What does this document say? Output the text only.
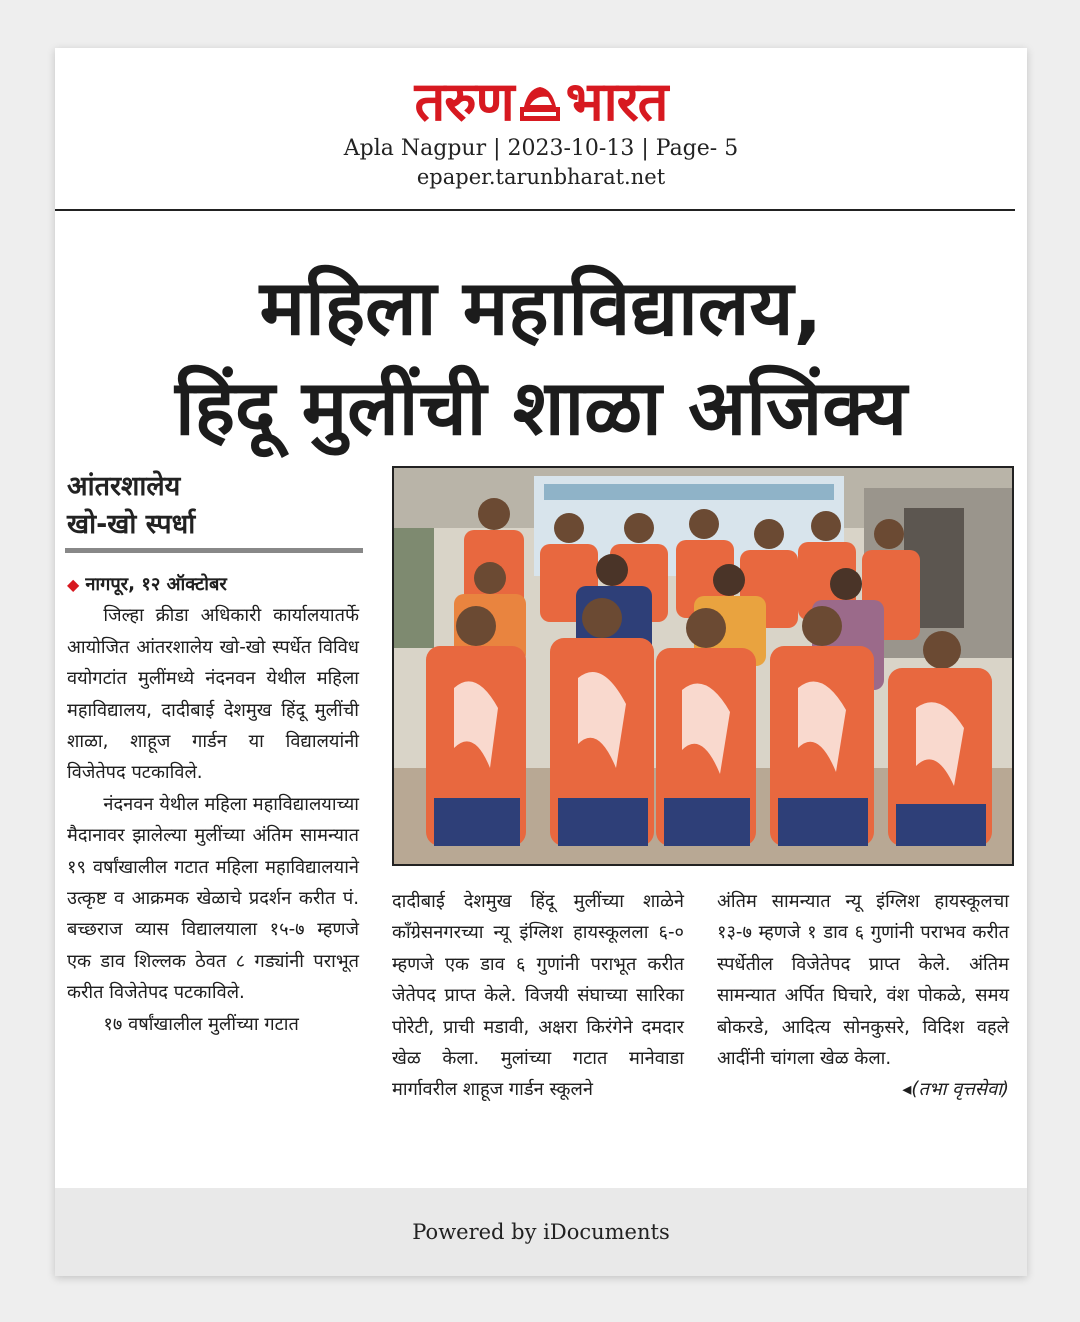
तरुण भारत
Apla Nagpur | 2023-10-13 | Page- 5
epaper.tarunbharat.net
महिला महाविद्यालय,
हिंदू मुलींची शाळा अजिंक्य
आंतरशालेय
खो-खो स्पर्धा

◆ नागपूर, १२ ऑक्टोबर

जिल्हा क्रीडा अधिकारी कार्यालयातर्फे आयोजित आंतरशालेय खो-खो स्पर्धेत विविध वयोगटांत मुलींमध्ये नंदनवन येथील महिला महाविद्यालय, दादीबाई देशमुख हिंदू मुलींची शाळा, शाहूज गार्डन या विद्यालयांनी विजेतेपद पटकाविले.

नंदनवन येथील महिला महाविद्यालयाच्या मैदानावर झालेल्या मुलींच्या अंतिम सामन्यात १९ वर्षांखालील गटात महिला महाविद्यालयाने उत्कृष्ट व आक्रमक खेळाचे प्रदर्शन करीत पं. बच्छराज व्यास विद्यालयाला १५-७ म्हणजे एक डाव शिल्लक ठेवत ८ गड्यांनी पराभूत करीत विजेतेपद पटकाविले.

१७ वर्षांखालील मुलींच्या गटात

दादीबाई देशमुख हिंदू मुलींच्या शाळेने काँग्रेसनगरच्या न्यू इंग्लिश हायस्कूलला ६-० म्हणजे एक डाव ६ गुणांनी पराभूत करीत जेतेपद प्राप्त केले. विजयी संघाच्या सारिका पोरेटी, प्राची मडावी, अक्षरा किरंगेने दमदार खेळ केला. मुलांच्या गटात मानेवाडा मार्गावरील शाहूज गार्डन स्कूलने

अंतिम सामन्यात न्यू इंग्लिश हायस्कूलचा १३-७ म्हणजे १ डाव ६ गुणांनी पराभव करीत स्पर्धेतील विजेतेपद प्राप्त केले. अंतिम सामन्यात अर्पित घिचारे, वंश पोकळे, समय बोकरडे, आदित्य सोनकुसरे, विदिश वहले आदींनी चांगला खेळ केला.

◂(तभा वृत्तसेवा)
Powered by iDocuments
